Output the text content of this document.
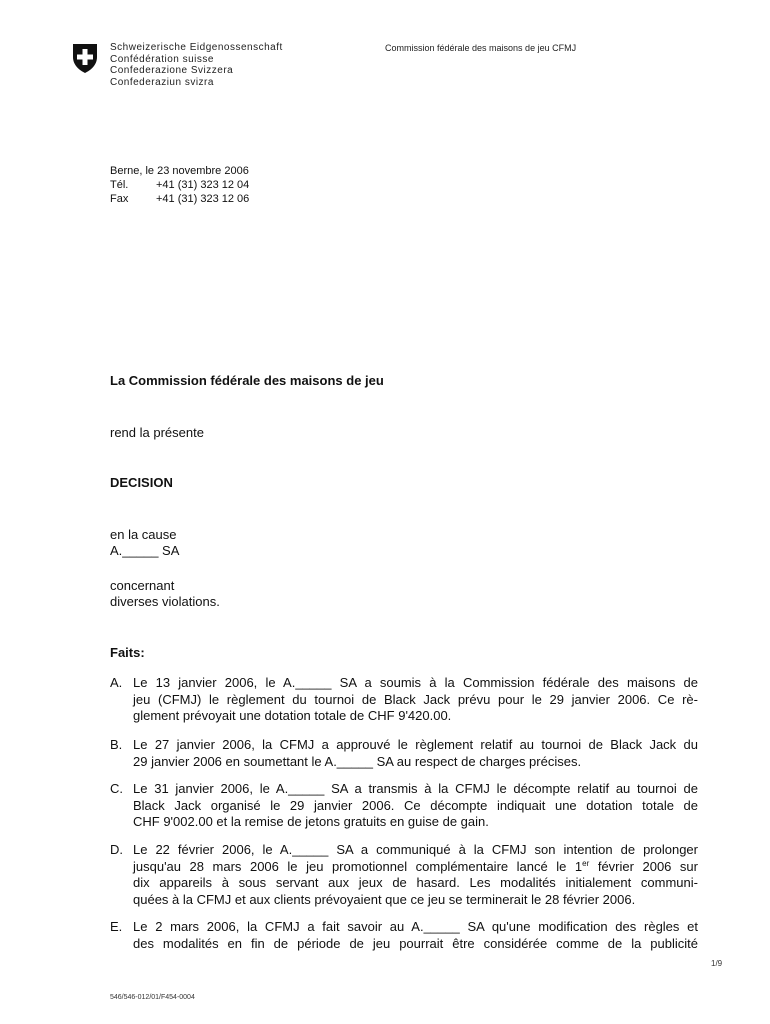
Schweizerische Eidgenossenschaft
Confédération suisse
Confederazione Svizzera
Confederaziun svizra
Commission fédérale des maisons de jeu CFMJ
Berne, le 23 novembre 2006
Tél.	+41 (31) 323 12 04
Fax	+41 (31) 323 12 06
La Commission fédérale des maisons de jeu
rend la présente
DECISION
en la cause
A._____ SA
concernant
diverses violations.
Faits:
A. Le 13 janvier 2006, le A._____ SA a soumis à la Commission fédérale des maisons de
jeu (CFMJ) le règlement du tournoi de Black Jack prévu pour le 29 janvier 2006. Ce rè-
glement prévoyait une dotation totale de CHF 9'420.00.
B. Le 27 janvier 2006, la CFMJ a approuvé le règlement relatif au tournoi de Black Jack du
29 janvier 2006 en soumettant le A._____ SA au respect de charges précises.
C. Le 31 janvier 2006, le A._____ SA a transmis à la CFMJ le décompte relatif au tournoi de
Black Jack organisé le 29 janvier 2006. Ce décompte indiquait une dotation totale de
CHF 9'002.00 et la remise de jetons gratuits en guise de gain.
D. Le 22 février 2006, le A._____ SA a communiqué à la CFMJ son intention de prolonger
jusqu'au 28 mars 2006 le jeu promotionnel complémentaire lancé le 1er février 2006 sur
dix appareils à sous servant aux jeux de hasard. Les modalités initialement communi-
quées à la CFMJ et aux clients prévoyaient que ce jeu se terminerait le 28 février 2006.
E. Le 2 mars 2006, la CFMJ a fait savoir au A._____ SA qu'une modification des règles et
des modalités en fin de période de jeu pourrait être considérée comme de la publicité
1/9
546/546-012/01/F454-0004
